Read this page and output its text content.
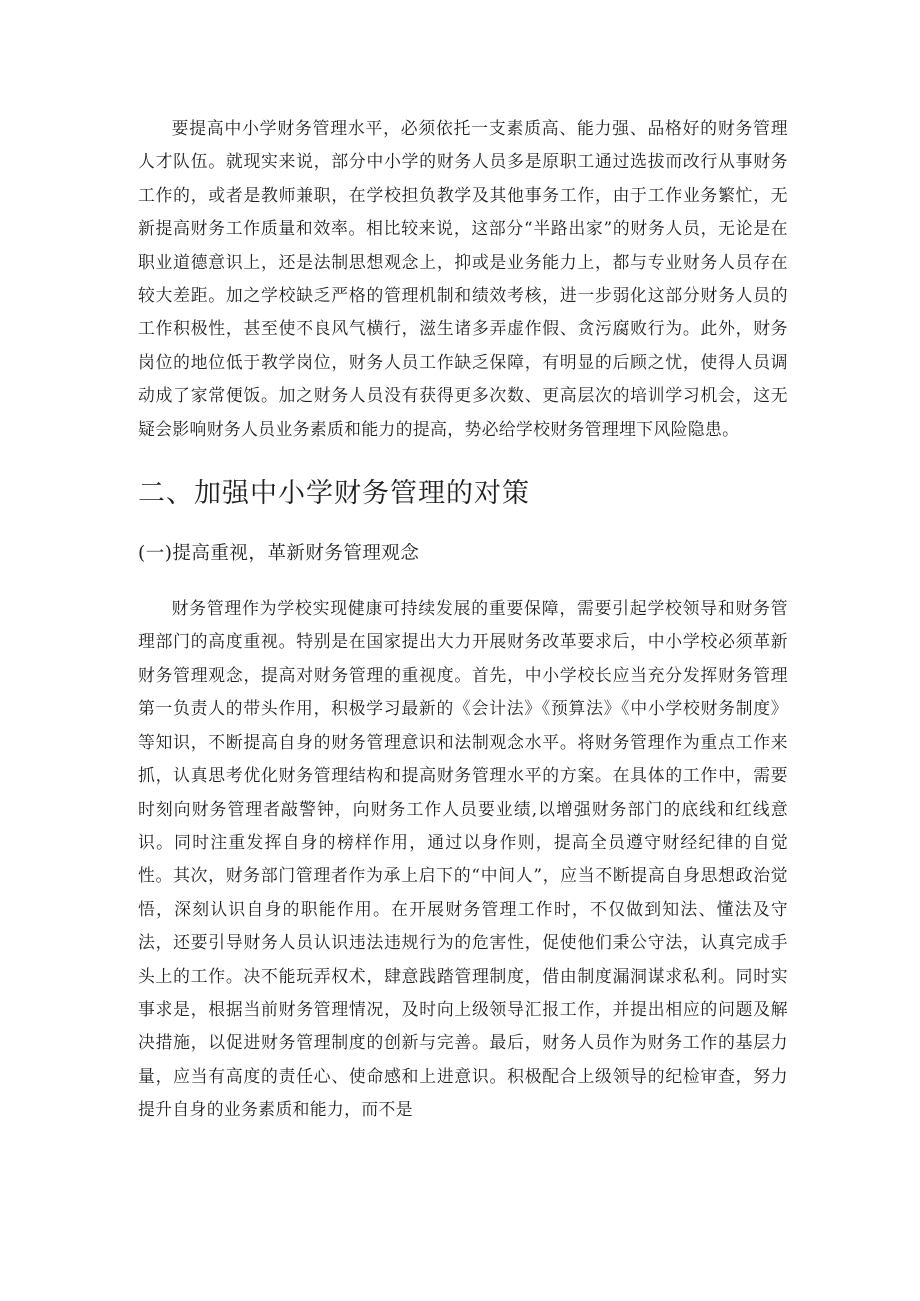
要提高中小学财务管理水平，必须依托一支素质高、能力强、品格好的财务管理人才队伍。就现实来说，部分中小学的财务人员多是原职工通过选拔而改行从事财务工作的，或者是教师兼职，在学校担负教学及其他事务工作，由于工作业务繁忙，无新提高财务工作质量和效率。相比较来说，这部分“半路出家”的财务人员，无论是在职业道德意识上，还是法制思想观念上，抑或是业务能力上，都与专业财务人员存在较大差距。加之学校缺乏严格的管理机制和绩效考核，进一步弱化这部分财务人员的工作积极性，甚至使不良风气横行，滋生诸多弄虚作假、贪污腐败行为。此外，财务岗位的地位低于教学岗位，财务人员工作缺乏保障，有明显的后顾之忧，使得人员调动成了家常便饭。加之财务人员没有获得更多次数、更高层次的培训学习机会，这无疑会影响财务人员业务素质和能力的提高，势必给学校财务管理埋下风险隐患。

二、加强中小学财务管理的对策
(一)提高重视，革新财务管理观念

财务管理作为学校实现健康可持续发展的重要保障，需要引起学校领导和财务管理部门的高度重视。特别是在国家提出大力开展财务改革要求后，中小学校必须革新财务管理观念，提高对财务管理的重视度。首先，中小学校长应当充分发挥财务管理第一负责人的带头作用，积极学习最新的《会计法》《预算法》《中小学校财务制度》等知识，不断提高自身的财务管理意识和法制观念水平。将财务管理作为重点工作来抓，认真思考优化财务管理结构和提高财务管理水平的方案。在具体的工作中，需要时刻向财务管理者敲警钟，向财务工作人员要业绩,以增强财务部门的底线和红线意识。同时注重发挥自身的榜样作用，通过以身作则，提高全员遵守财经纪律的自觉性。其次，财务部门管理者作为承上启下的“中间人”，应当不断提高自身思想政治觉悟，深刻认识自身的职能作用。在开展财务管理工作时，不仅做到知法、懂法及守法，还要引导财务人员认识违法违规行为的危害性，促使他们秉公守法，认真完成手头上的工作。决不能玩弄权术，肆意践踏管理制度，借由制度漏洞谋求私利。同时实事求是，根据当前财务管理情况，及时向上级领导汇报工作，并提出相应的问题及解决措施，以促进财务管理制度的创新与完善。最后，财务人员作为财务工作的基层力量，应当有高度的责任心、使命感和上进意识。积极配合上级领导的纪检审查，努力提升自身的业务素质和能力，而不是
